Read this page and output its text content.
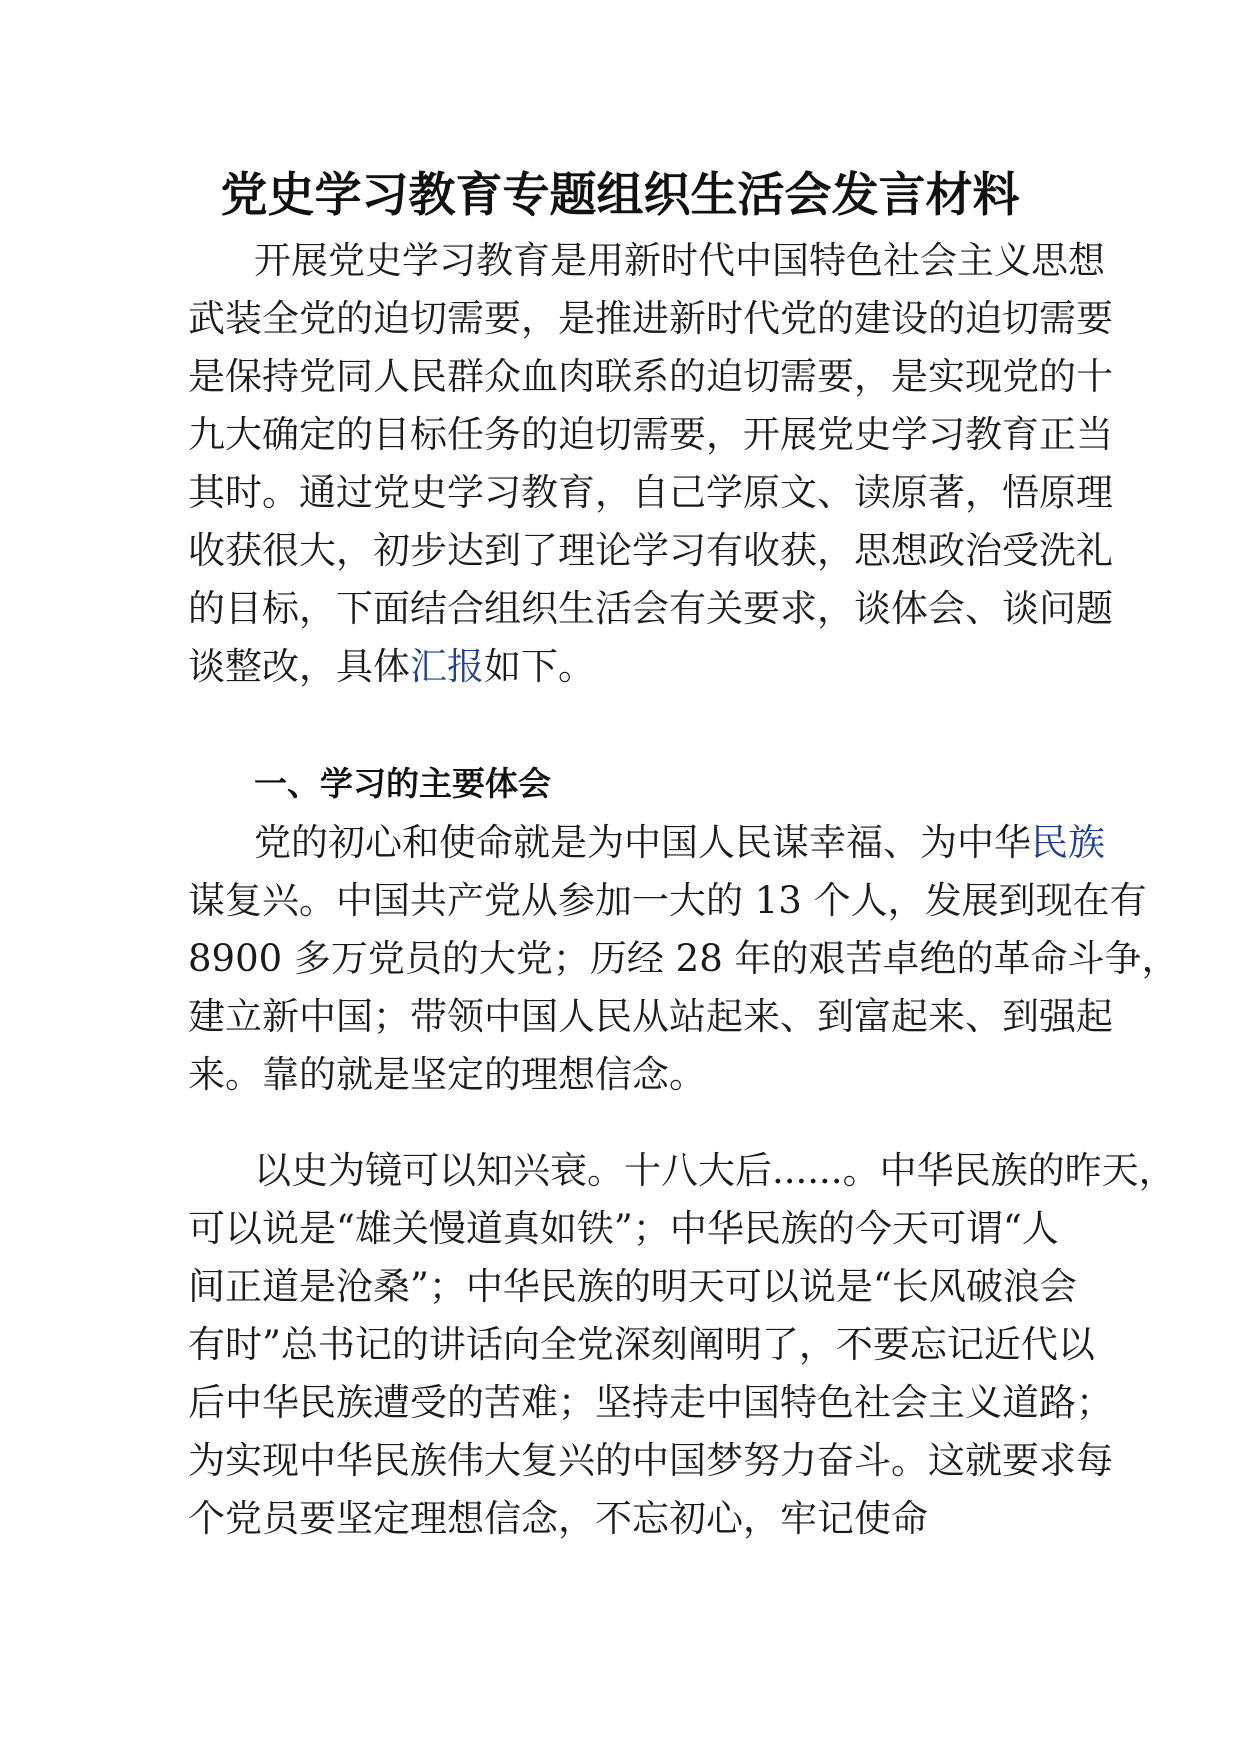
党史学习教育专题组织生活会发言材料
开展党史学习教育是用新时代中国特色社会主义思想
武装全党的迫切需要，是推进新时代党的建设的迫切需要
是保持党同人民群众血肉联系的迫切需要，是实现党的十
九大确定的目标任务的迫切需要，开展党史学习教育正当
其时。通过党史学习教育，自己学原文、读原著，悟原理
收获很大，初步达到了理论学习有收获，思想政治受洗礼
的目标，下面结合组织生活会有关要求，谈体会、谈问题
谈整改，具体汇报如下。
一、学习的主要体会
党的初心和使命就是为中国人民谋幸福、为中华民族
谋复兴。中国共产党从参加一大的 13 个人，发展到现在有
8900 多万党员的大党；历经 28 年的艰苦卓绝的革命斗争，
建立新中国；带领中国人民从站起来、到富起来、到强起
来。靠的就是坚定的理想信念。
以史为镜可以知兴衰。十八大后......。中华民族的昨天，
可以说是“雄关慢道真如铁”；中华民族的今天可谓“人
间正道是沧桑”；中华民族的明天可以说是“长风破浪会
有时”总书记的讲话向全党深刻阐明了，不要忘记近代以
后中华民族遭受的苦难；坚持走中国特色社会主义道路；
为实现中华民族伟大复兴的中国梦努力奋斗。这就要求每
个党员要坚定理想信念，不忘初心，牢记使命
